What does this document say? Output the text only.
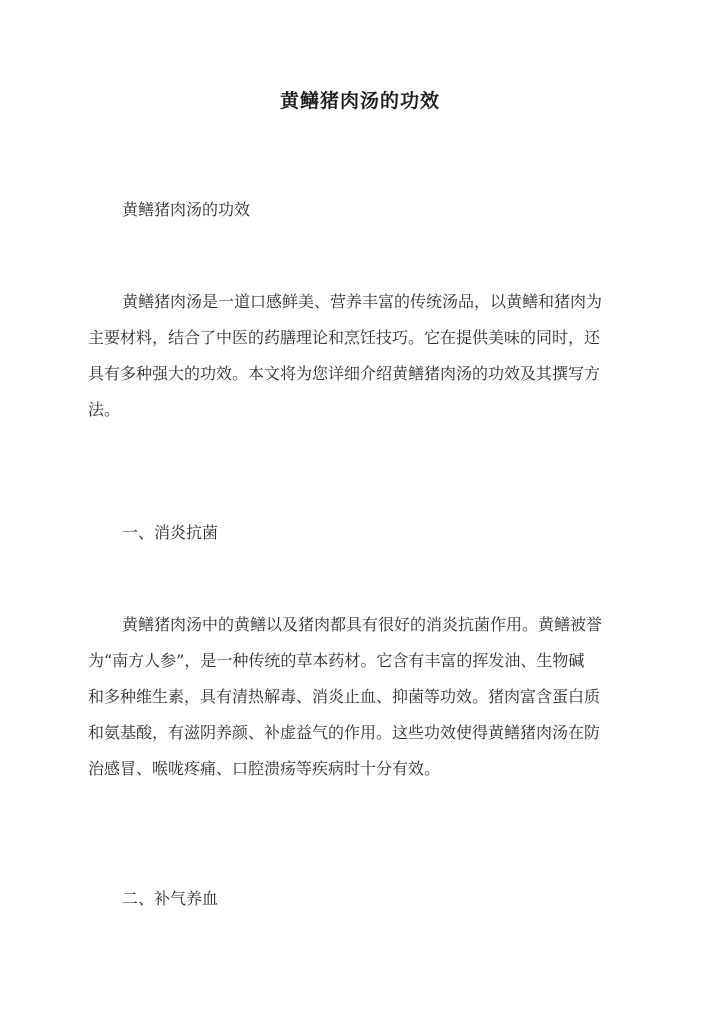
黄鳝猪肉汤的功效
黄鳝猪肉汤的功效
黄鳝猪肉汤是一道口感鲜美、营养丰富的传统汤品，以黄鳝和猪肉为
主要材料，结合了中医的药膳理论和烹饪技巧。它在提供美味的同时，还
具有多种强大的功效。本文将为您详细介绍黄鳝猪肉汤的功效及其撰写方
法。
一、消炎抗菌
黄鳝猪肉汤中的黄鳝以及猪肉都具有很好的消炎抗菌作用。黄鳝被誉
为“南方人参”，是一种传统的草本药材。它含有丰富的挥发油、生物碱
和多种维生素，具有清热解毒、消炎止血、抑菌等功效。猪肉富含蛋白质
和氨基酸，有滋阴养颜、补虚益气的作用。这些功效使得黄鳝猪肉汤在防
治感冒、喉咙疼痛、口腔溃疡等疾病时十分有效。
二、补气养血
